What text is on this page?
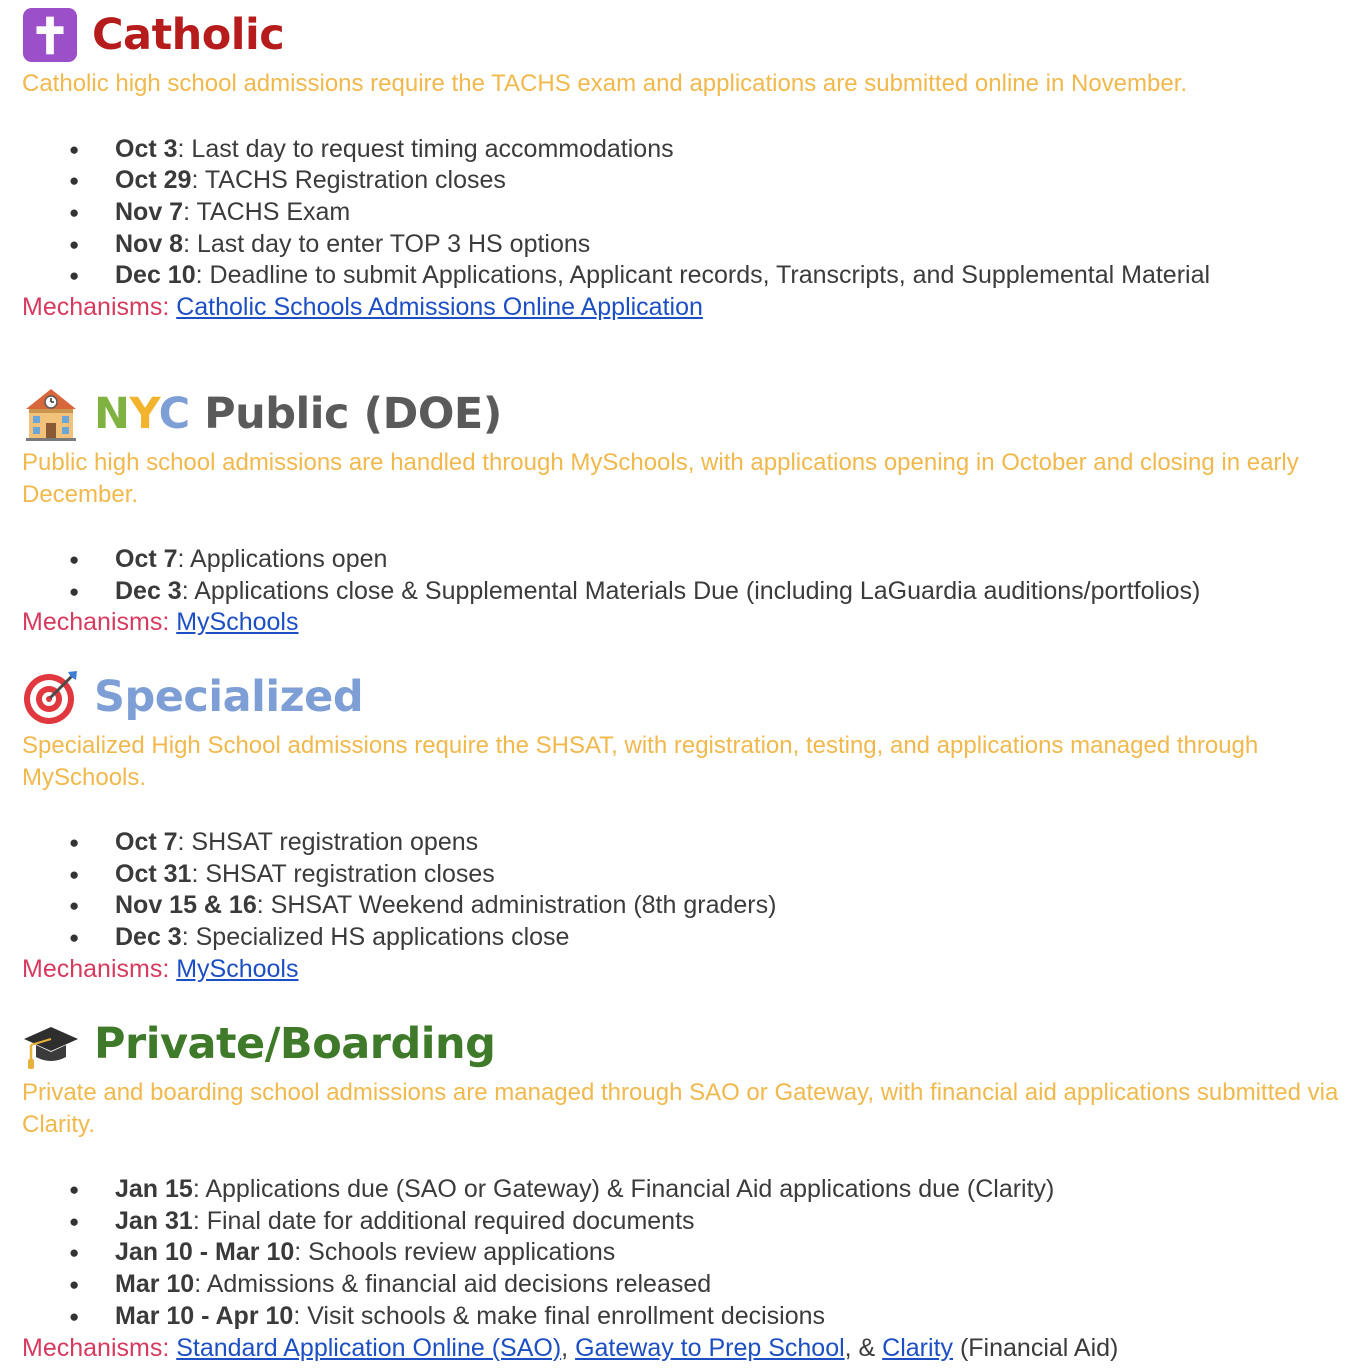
Catholic
Catholic high school admissions require the TACHS exam and applications are submitted online in November.
● Oct 3: Last day to request timing accommodations
● Oct 29: TACHS Registration closes
● Nov 7: TACHS Exam
● Nov 8: Last day to enter TOP 3 HS options
● Dec 10: Deadline to submit Applications, Applicant records, Transcripts, and Supplemental Material
Mechanisms: Catholic Schools Admissions Online Application
NYC Public (DOE)
Public high school admissions are handled through MySchools, with applications opening in October and closing in early December.
● Oct 7: Applications open
● Dec 3: Applications close & Supplemental Materials Due (including LaGuardia auditions/portfolios)
Mechanisms: MySchools
Specialized
Specialized High School admissions require the SHSAT, with registration, testing, and applications managed through MySchools.
● Oct 7: SHSAT registration opens
● Oct 31: SHSAT registration closes
● Nov 15 & 16: SHSAT Weekend administration (8th graders)
● Dec 3: Specialized HS applications close
Mechanisms: MySchools
Private/Boarding
Private and boarding school admissions are managed through SAO or Gateway, with financial aid applications submitted via Clarity.
● Jan 15: Applications due (SAO or Gateway) & Financial Aid applications due (Clarity)
● Jan 31: Final date for additional required documents
● Jan 10 - Mar 10: Schools review applications
● Mar 10: Admissions & financial aid decisions released
● Mar 10 - Apr 10: Visit schools & make final enrollment decisions
Mechanisms: Standard Application Online (SAO), Gateway to Prep School, & Clarity (Financial Aid)
